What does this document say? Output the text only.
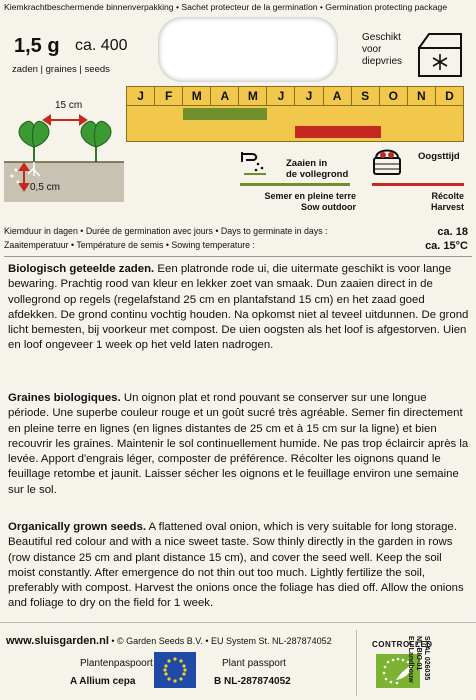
Kiemkrachtbeschermende binnenverpakking • Sachet protecteur de la germination • Germination protecting package
1,5 g ca. 400
zaden | graines | seeds
Geschikt
voor
diepvries
J	F	M	A	M	J	J	A	S	O	N	D
15 cm
0,5 cm
Zaaien in
de vollegrond
Semer en pleine terre
Sow outdoor
Oogsttijd
Récolte
Harvest
Kiemduur in dagen • Durée de germination avec jours • Days to germinate in days :	ca. 18
Zaaitemperatuur • Température de semis • Sowing temperature :	ca. 15°C
Biologisch geteelde zaden. Een platronde rode ui, die uitermate geschikt is voor lange bewaring. Prachtig rood van kleur en lekker zoet van smaak. Dun zaaien direct in de vollegrond op regels (regelafstand 25 cm en plantafstand 15 cm) en het zaad goed afdekken. De grond continu vochtig houden. Na opkomst niet al teveel uitdunnen. De grond licht bemesten, bij voorkeur met compost. De uien oogsten als het loof is afgestorven. Uien en loof ongeveer 1 week op het veld laten nadrogen.
Graines biologiques. Un oignon plat et rond pouvant se conserver sur une longue période. Une superbe couleur rouge et un goût sucré très agréable. Semer fin directement en pleine terre en lignes (en lignes distantes de 25 cm et à 15 cm sur la ligne) et bien recouvrir les graines. Maintenir le sol continuellement humide. Ne pas trop éclaircir après la levée. Apport d'engrais léger, composter de préférence. Récolter les oignons quand le feuillage retombe et jaunit. Laisser sécher les oignons et le feuillage environ une semaine sur le sol.
Organically grown seeds. A flattened oval onion, which is very suitable for long storage. Beautiful red colour and with a nice sweet taste. Sow thinly directly in the garden in rows (row distance 25 cm and plant distance 15 cm), and cover the seed well. Keep the soil moist constantly. After emergence do not thin out too much. Lightly fertilize the soil, preferably with compost. Harvest the onions once the foliage has died off. Allow the onions and foliage to dry on the field for 1 week.
www.sluisgarden.nl • © Garden Seeds B.V. • EU System St. NL-287874052
Plantenpaspoort
A Allium cepa
Plant passport
B NL-287874052
CONTROLLED
SKAL 026035
NL-BIO-01
EU Landbouw
